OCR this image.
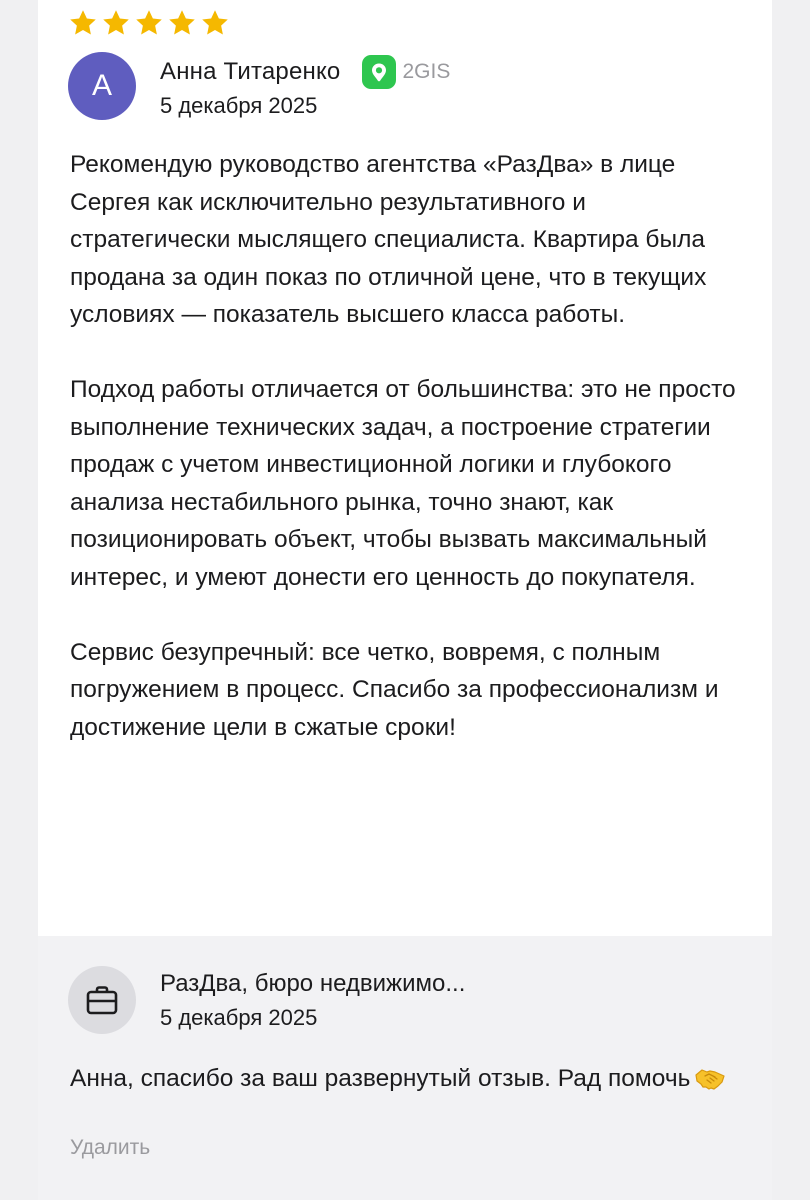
А	Анна Титаренко	2GIS
5 декабря 2025

Рекомендую руководство агентства «РазДва» в лице Сергея как исключительно результативного и стратегически мыслящего специалиста. Квартира была продана за один показ по отличной цене, что в текущих условиях — показатель высшего класса работы.

Подход работы отличается от большинства: это не просто выполнение технических задач, а построение стратегии продаж с учетом инвестиционной логики и глубокого анализа нестабильного рынка, точно знают, как позиционировать объект, чтобы вызвать максимальный интерес, и умеют донести его ценность до покупателя.

Сервис безупречный: все четко, вовремя, с полным погружением в процесс. Спасибо за профессионализм и достижение цели в сжатые сроки!

РазДва, бюро недвижимо...
5 декабря 2025
Анна, спасибо за ваш развернутый отзыв. Рад помочь
Удалить
